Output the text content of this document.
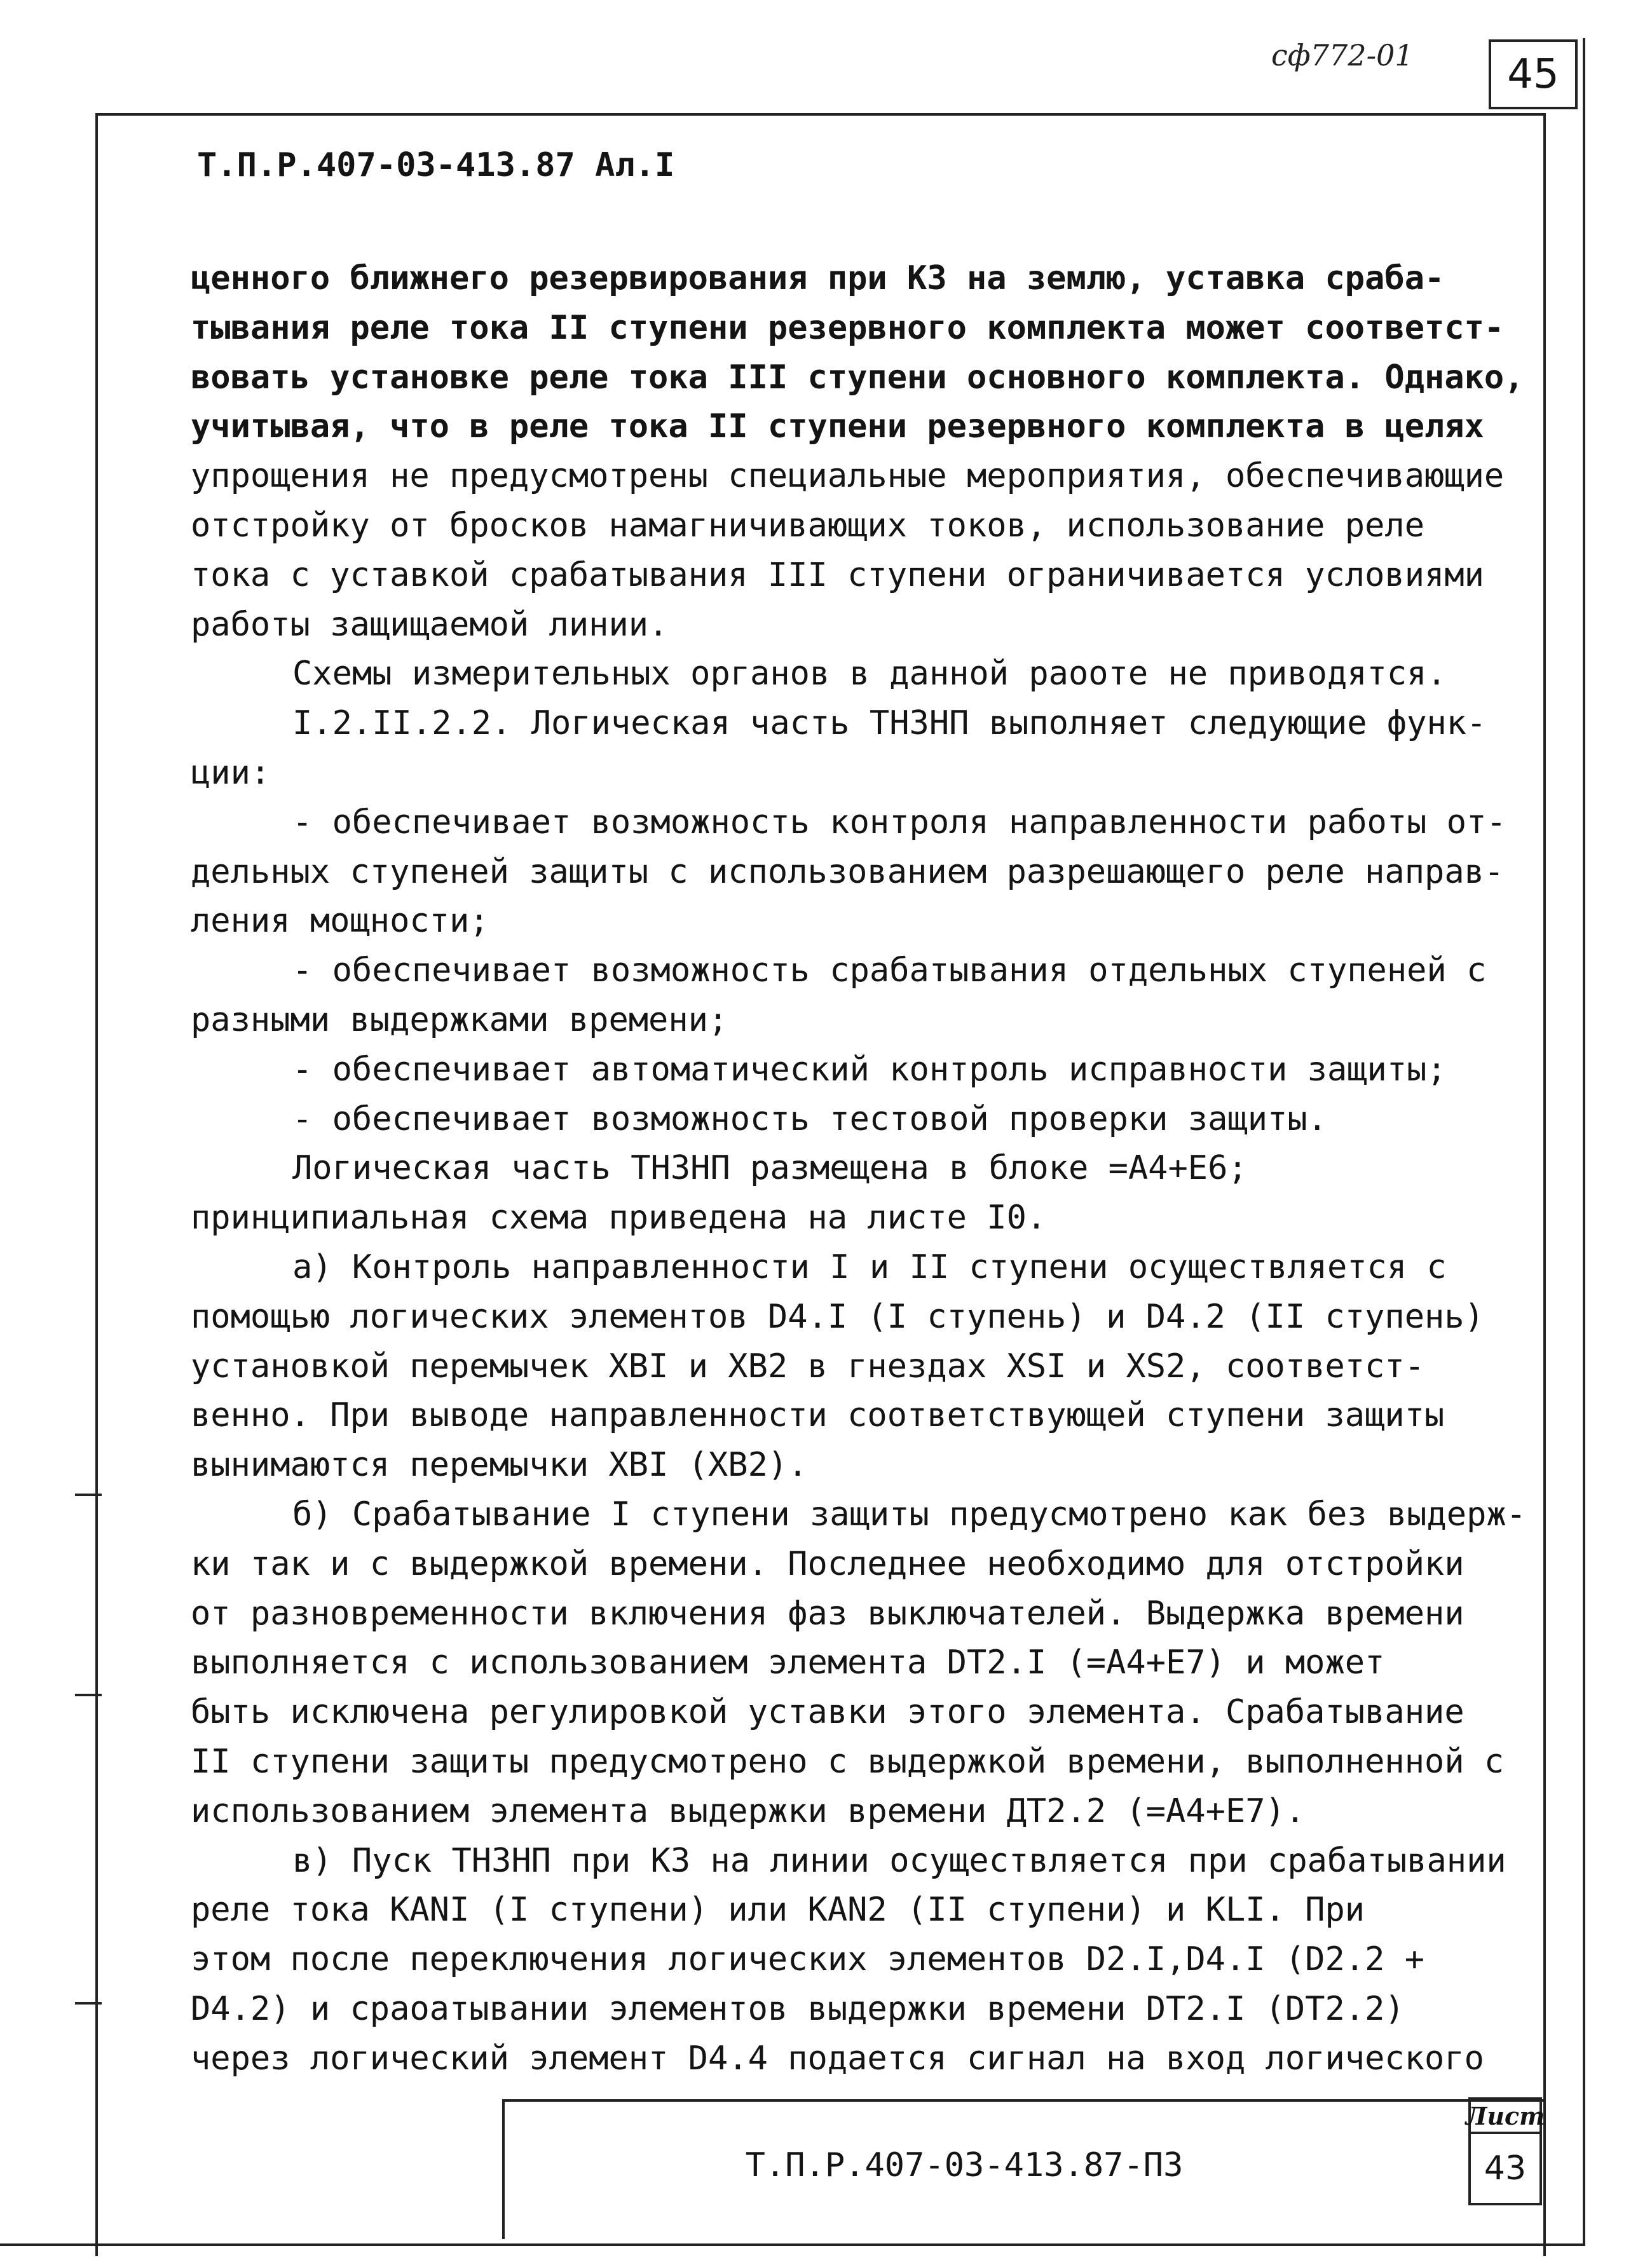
сф772-01	45
Т.П.Р.407-03-413.87 Ал.I

ценного ближнего резервирования при КЗ на землю, уставка сраба-

тывания реле тока II ступени резервного комплекта может соответст-

вовать установке реле тока III ступени основного комплекта. Однако,

учитывая, что в реле тока II ступени резервного комплекта в целях

упрощения не предусмотрены специальные мероприятия, обеспечивающие

отстройку от бросков намагничивающих токов, использование реле

тока с уставкой срабатывания III ступени ограничивается условиями

работы защищаемой линии.

Схемы измерительных органов в данной раооте не приводятся.

I.2.II.2.2. Логическая часть ТНЗНП выполняет следующие функ-

ции:

- обеспечивает возможность контроля направленности работы от-

дельных ступеней защиты с использованием разрешающего реле направ-

ления мощности;

- обеспечивает возможность срабатывания отдельных ступеней с

разными выдержками времени;

- обеспечивает автоматический контроль исправности защиты;

- обеспечивает возможность тестовой проверки защиты.

Логическая часть ТНЗНП размещена в блоке =А4+Е6;

принципиальная схема приведена на листе I0.

а) Контроль направленности I и II ступени осуществляется с

помощью логических элементов D4.I (I ступень) и D4.2 (II ступень)

установкой перемычек XBI и XB2 в гнездах XSI и XS2, соответст-

венно. При выводе направленности соответствующей ступени защиты

вынимаются перемычки XBI (XB2).

б) Срабатывание I ступени защиты предусмотрено как без выдерж-

ки так и с выдержкой времени. Последнее необходимо для отстройки

от разновременности включения фаз выключателей. Выдержка времени

выполняется с использованием элемента DT2.I (=А4+Е7) и может

быть исключена регулировкой уставки этого элемента. Срабатывание

II ступени защиты предусмотрено с выдержкой времени, выполненной с

использованием элемента выдержки времени ДТ2.2 (=А4+Е7).

в) Пуск ТНЗНП при КЗ на линии осуществляется при срабатывании

реле тока KANI (I ступени) или KAN2 (II ступени) и KLI. При

этом после переключения логических элементов D2.I,D4.I (D2.2 +

D4.2) и сраоатывании элементов выдержки времени DT2.I (DT2.2)

через логический элемент D4.4 подается сигнал на вход логического

Т.П.Р.407-03-413.87-ПЗ
Лист
43
